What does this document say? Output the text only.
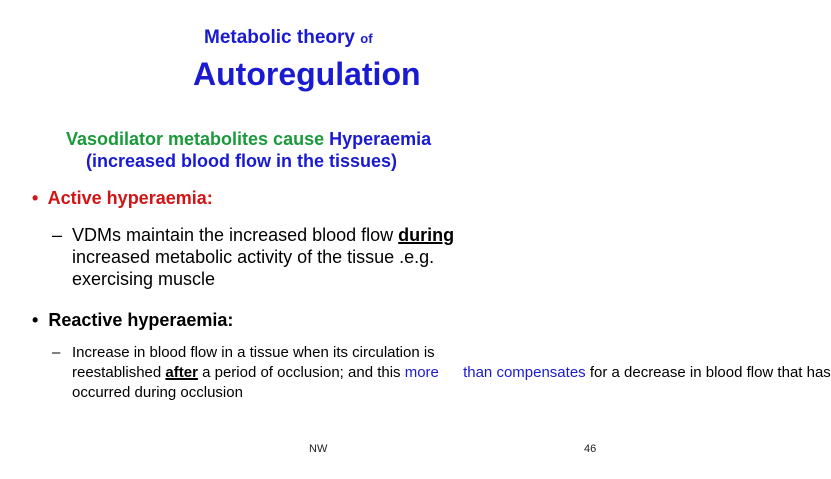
Metabolic theory of
Autoregulation
Vasodilator metabolites cause Hyperaemia
(increased blood flow in the tissues)
• Active hyperaemia:
– VDMs maintain the increased blood flow during
increased metabolic activity of the tissue .e.g.
exercising muscle
• Reactive hyperaemia:
– Increase in blood flow in a tissue when its circulation is
reestablished after a period of occlusion; and this more than compensates for a decrease in blood flow that has
occurred during occlusion
NW	46
